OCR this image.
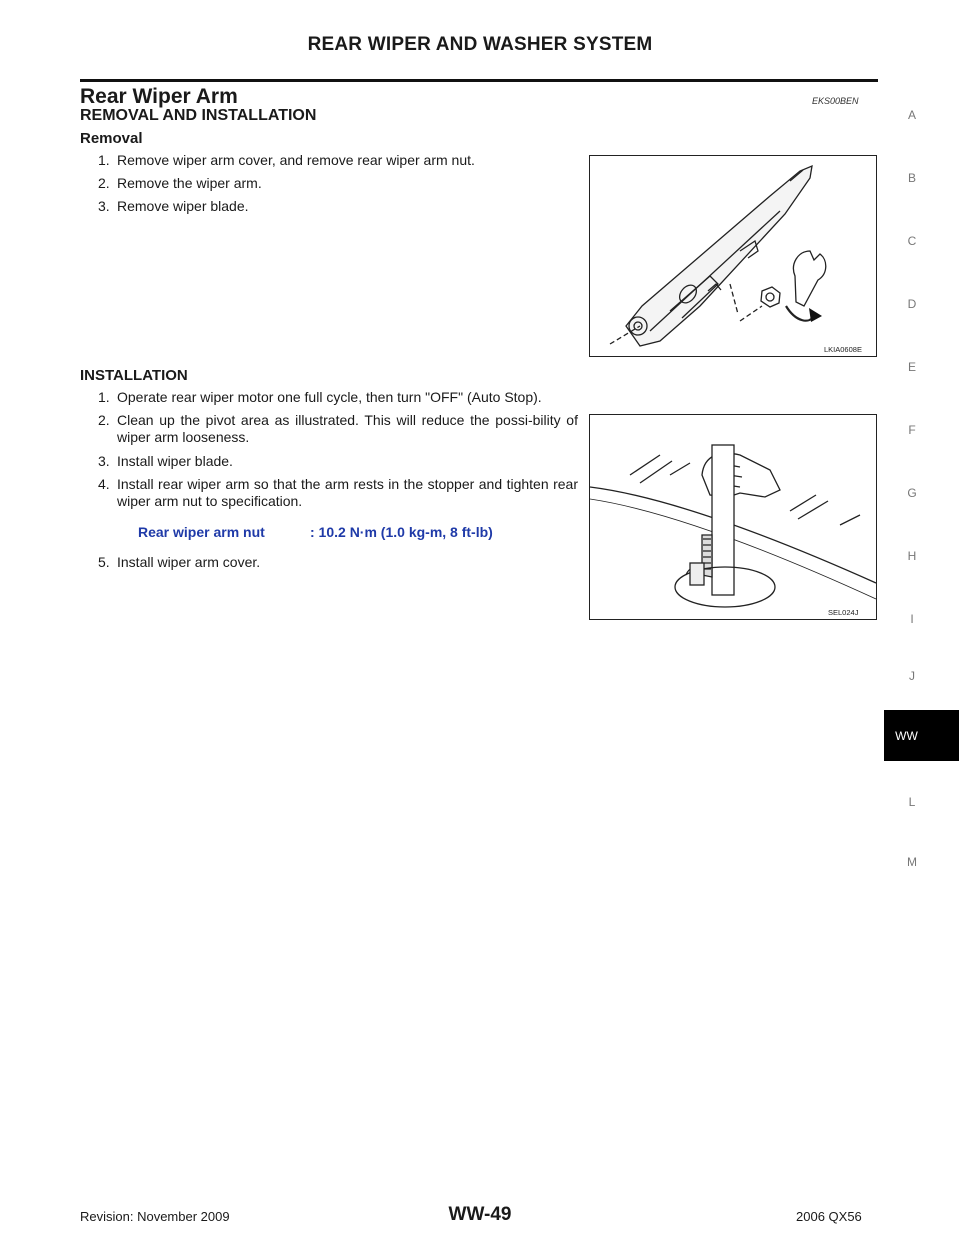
REAR WIPER AND WASHER SYSTEM
Rear Wiper Arm	EKS00BEN
REMOVAL AND INSTALLATION
Removal
1. Remove wiper arm cover, and remove rear wiper arm nut.
2. Remove the wiper arm.
3. Remove wiper blade.
INSTALLATION
1. Operate rear wiper motor one full cycle, then turn "OFF" (Auto Stop).
2. Clean up the pivot area as illustrated. This will reduce the possi-bility of wiper arm looseness.
3. Install wiper blade.
4. Install rear wiper arm so that the arm rests in the stopper and tighten rear wiper arm nut to specification.
Rear wiper arm nut	: 10.2 N·m (1.0 kg-m, 8 ft-lb)
5. Install wiper arm cover.
LKIA0608E
SEL024J
A
B
C
D
E
F
G
H
I
J
WW
L
M
Revision: November 2009	WW-49	2006 QX56
